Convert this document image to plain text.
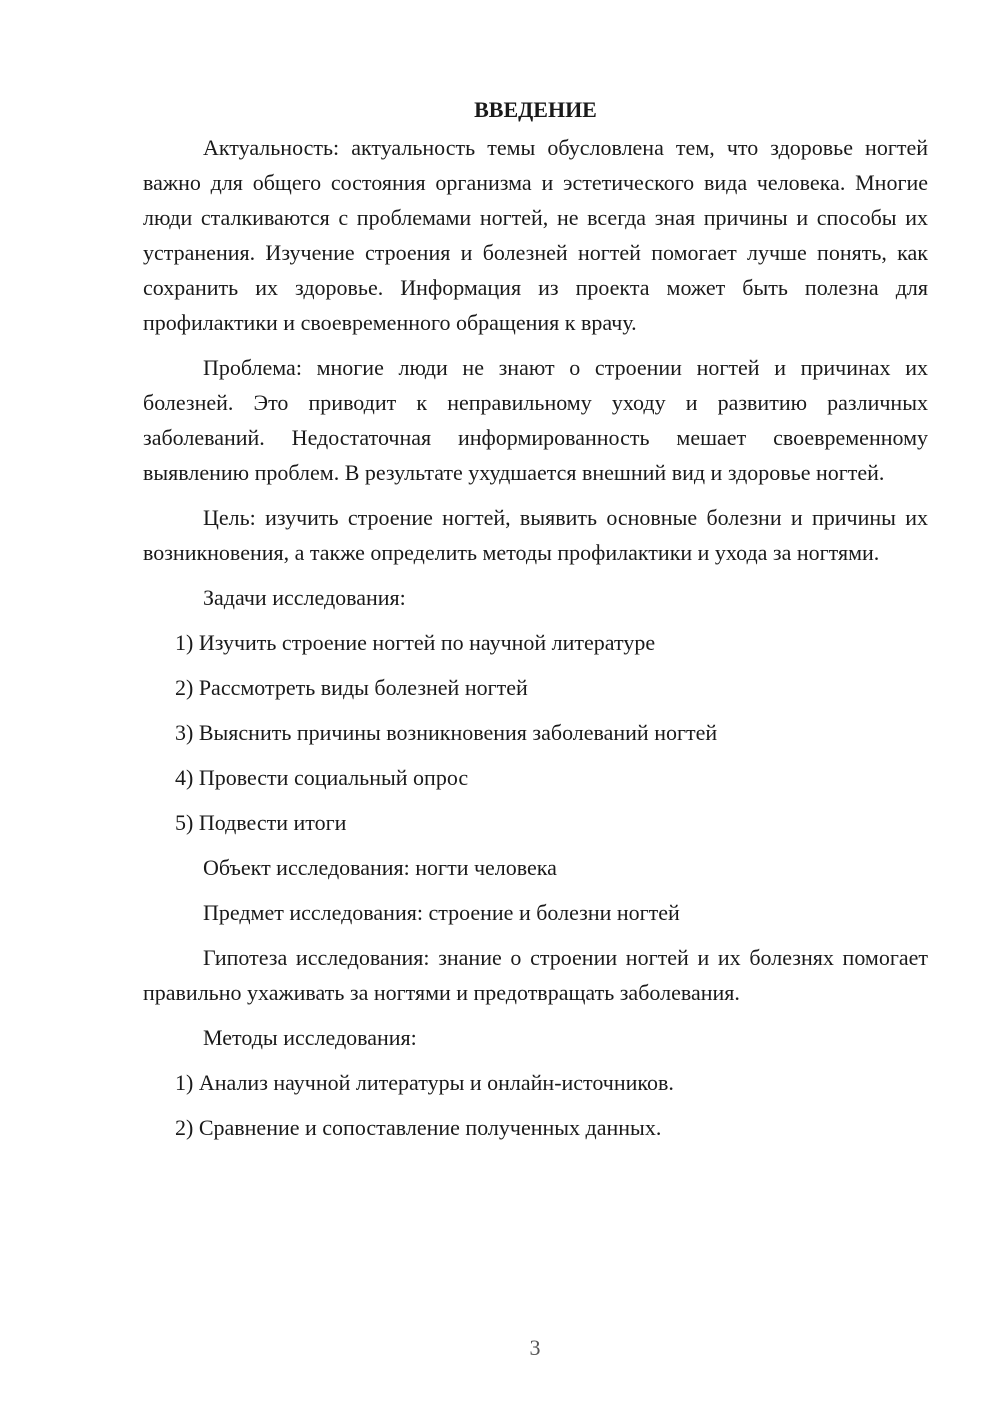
ВВЕДЕНИЕ

Актуальность: актуальность темы обусловлена тем, что здоровье ногтей важно для общего состояния организма и эстетического вида человека. Многие люди сталкиваются с проблемами ногтей, не всегда зная причины и способы их устранения. Изучение строения и болезней ногтей помогает лучше понять, как сохранить их здоровье. Информация из проекта может быть полезна для профилактики и своевременного обращения к врачу.

Проблема: многие люди не знают о строении ногтей и причинах их болезней. Это приводит к неправильному уходу и развитию различных заболеваний. Недостаточная информированность мешает своевременному выявлению проблем. В результате ухудшается внешний вид и здоровье ногтей.

Цель: изучить строение ногтей, выявить основные болезни и причины их возникновения, а также определить методы профилактики и ухода за ногтями.

Задачи исследования:

1) Изучить строение ногтей по научной литературе

2) Рассмотреть виды болезней ногтей

3) Выяснить причины возникновения заболеваний ногтей

4) Провести социальный опрос

5) Подвести итоги

Объект исследования: ногти человека

Предмет исследования: строение и болезни ногтей

Гипотеза исследования: знание о строении ногтей и их болезнях помогает правильно ухаживать за ногтями и предотвращать заболевания.

Методы исследования:

1) Анализ научной литературы и онлайн-источников.

2) Сравнение и сопоставление полученных данных.

3
